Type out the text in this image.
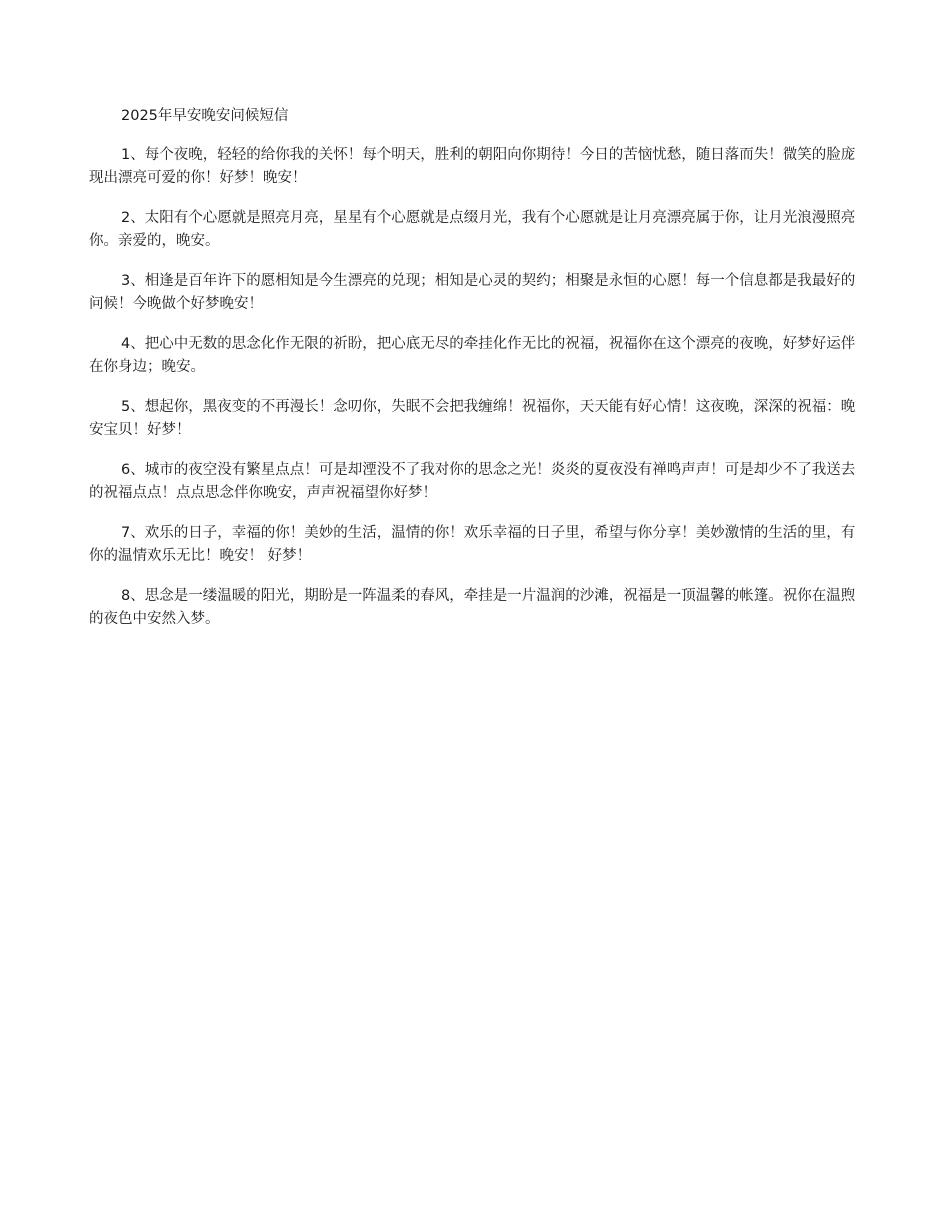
2025年早安晚安问候短信

1、每个夜晚，轻轻的给你我的关怀！每个明天，胜利的朝阳向你期待！今日的苦恼忧愁，随日落而失！微笑的脸庞现出漂亮可爱的你！好梦！晚安！

2、太阳有个心愿就是照亮月亮，星星有个心愿就是点缀月光，我有个心愿就是让月亮漂亮属于你，让月光浪漫照亮你。亲爱的，晚安。

3、相逢是百年许下的愿相知是今生漂亮的兑现；相知是心灵的契约；相聚是永恒的心愿！每一个信息都是我最好的问候！今晚做个好梦晚安！

4、把心中无数的思念化作无限的祈盼，把心底无尽的牵挂化作无比的祝福，祝福你在这个漂亮的夜晚，好梦好运伴在你身边；晚安。

5、想起你，黑夜变的不再漫长！念叨你，失眠不会把我缠绵！祝福你，天天能有好心情！这夜晚，深深的祝福：晚安宝贝！好梦！

6、城市的夜空没有繁星点点！可是却湮没不了我对你的思念之光！炎炎的夏夜没有禅鸣声声！可是却少不了我送去的祝福点点！点点思念伴你晚安，声声祝福望你好梦！

7、欢乐的日子，幸福的你！美妙的生活，温情的你！欢乐幸福的日子里，希望与你分享！美妙激情的生活的里，有你的温情欢乐无比！晚安！ 好梦！

8、思念是一缕温暖的阳光，期盼是一阵温柔的春风，牵挂是一片温润的沙滩，祝福是一顶温馨的帐篷。祝你在温煦的夜色中安然入梦。
